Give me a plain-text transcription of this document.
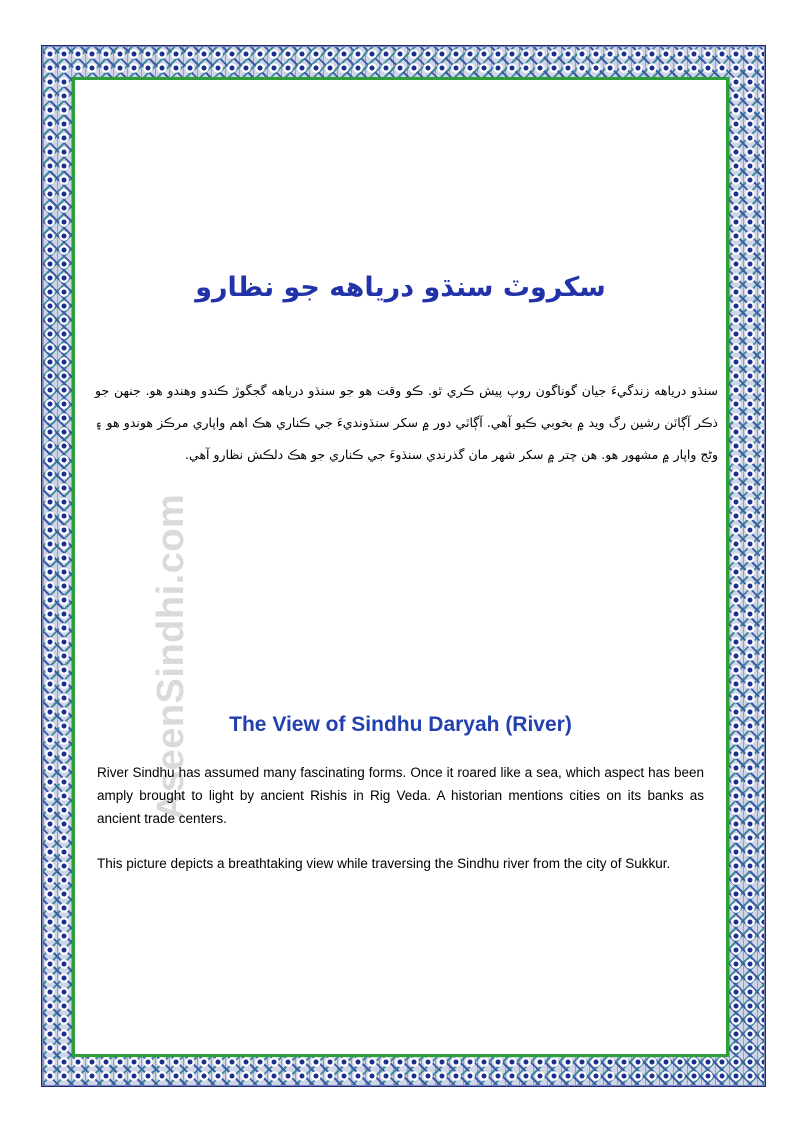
سکروٽ سنڌو درياهه جو نظارو

سنڌو درياهه زندگيءَ جيان گوناگون روپ پيش ڪري ٿو. ڪو وقت هو جو سنڌو درياهه گجگوڙ ڪندو وهندو هو. جنهن جو ذڪر آڳاٽن رشين رگ ويد ۾ بخوبي ڪيو آهي. آڳاٽي دور ۾ سکر سنڌونديءَ جي ڪناري هڪ اهم واپاري مرڪز هوندو هو ۽ وڻج واپار ۾ مشهور هو. هن چتر ۾ سکر شهر مان گذرندي سنڌوءَ جي ڪناري جو هڪ دلڪش نظارو آهي.

AseenSindhi.com	The View of Sindhu Daryah (River)

River Sindhu has assumed many fascinating forms. Once it roared like a sea, which aspect has been amply brought to light by ancient Rishis in Rig Veda. A historian mentions cities on its banks as ancient trade centers.

This picture depicts a breathtaking view while traversing the Sindhu river from the city of Sukkur.
